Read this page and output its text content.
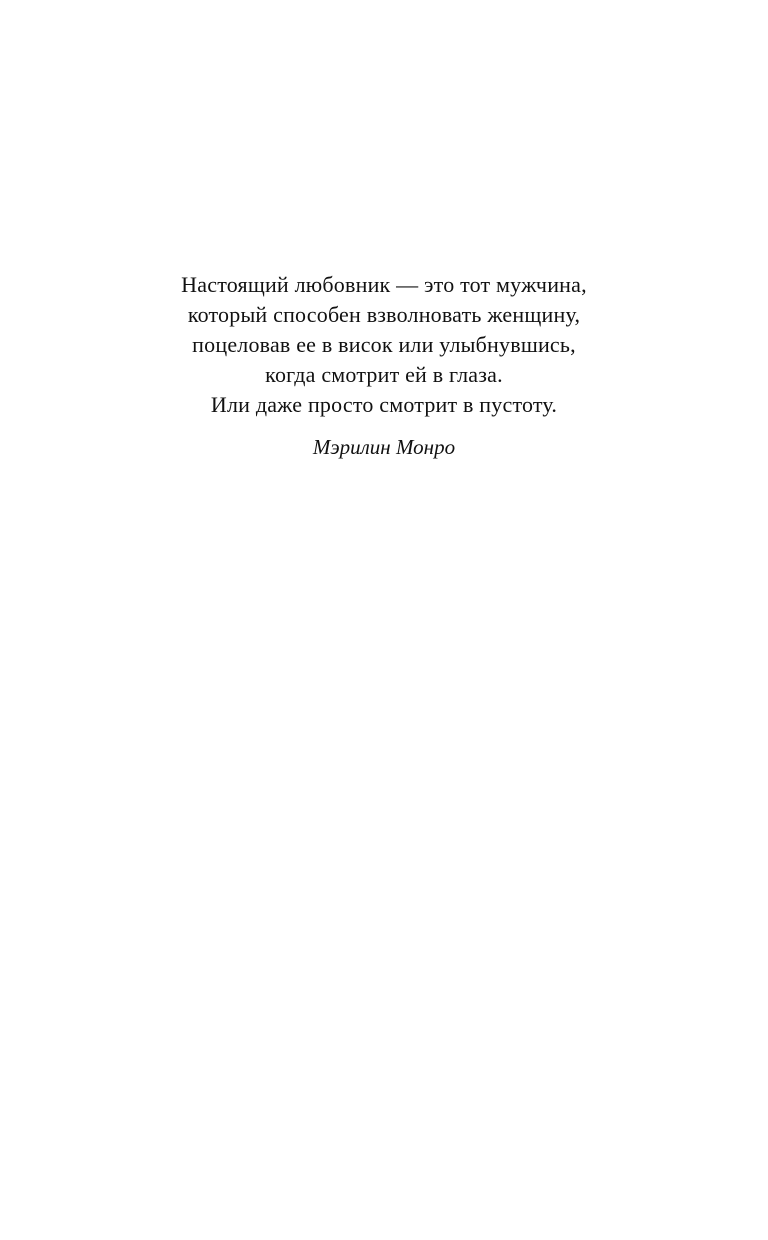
Настоящий любовник — это тот мужчина,
который способен взволновать женщину,
поцеловав ее в висок или улыбнувшись,
когда смотрит ей в глаза.
Или даже просто смотрит в пустоту.

Мэрилин Монро
